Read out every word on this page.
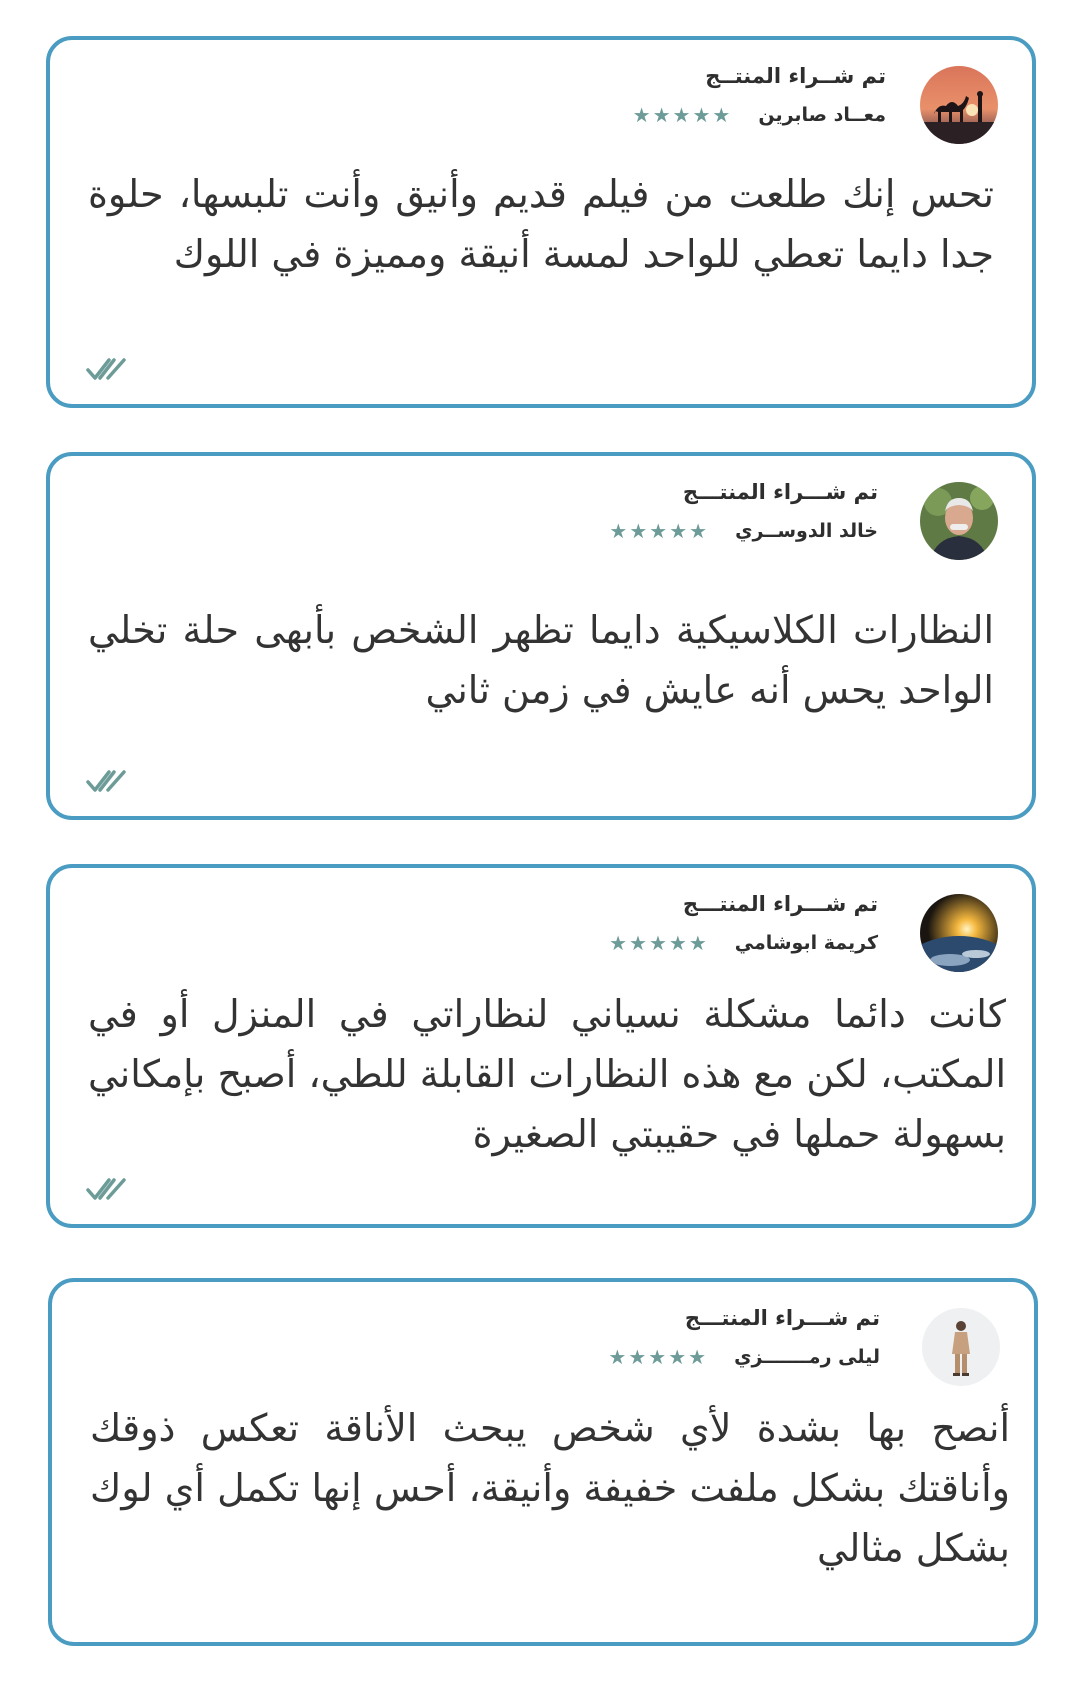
تم شــراء المنتــج
معــاد صابرين
★ ★ ★ ★ ★
تحس إنك طلعت من فيلم قديم وأنيق وأنت تلبسها، حلوة جدا دايما تعطي للواحد لمسة أنيقة ومميزة في اللوك
تم شـــراء المنتـــج
خالد الدوســري
★ ★ ★ ★ ★
النظارات الكلاسيكية دايما تظهر الشخص بأبهى حلة تخلي الواحد يحس أنه عايش في زمن ثاني
تم شـــراء المنتـــج
كريمة ابوشامي
★ ★ ★ ★ ★
كانت دائما مشكلة نسياني لنظاراتي في المنزل أو في المكتب، لكن مع هذه النظارات القابلة للطي، أصبح بإمكاني بسهولة حملها في حقيبتي الصغيرة
تم شـــراء المنتـــج
ليلى رمـــــــزي
★ ★ ★ ★ ★
أنصح بها بشدة لأي شخص يبحث الأناقة تعكس ذوقك وأناقتك بشكل ملفت خفيفة وأنيقة، أحس إنها تكمل أي لوك بشكل مثالي
